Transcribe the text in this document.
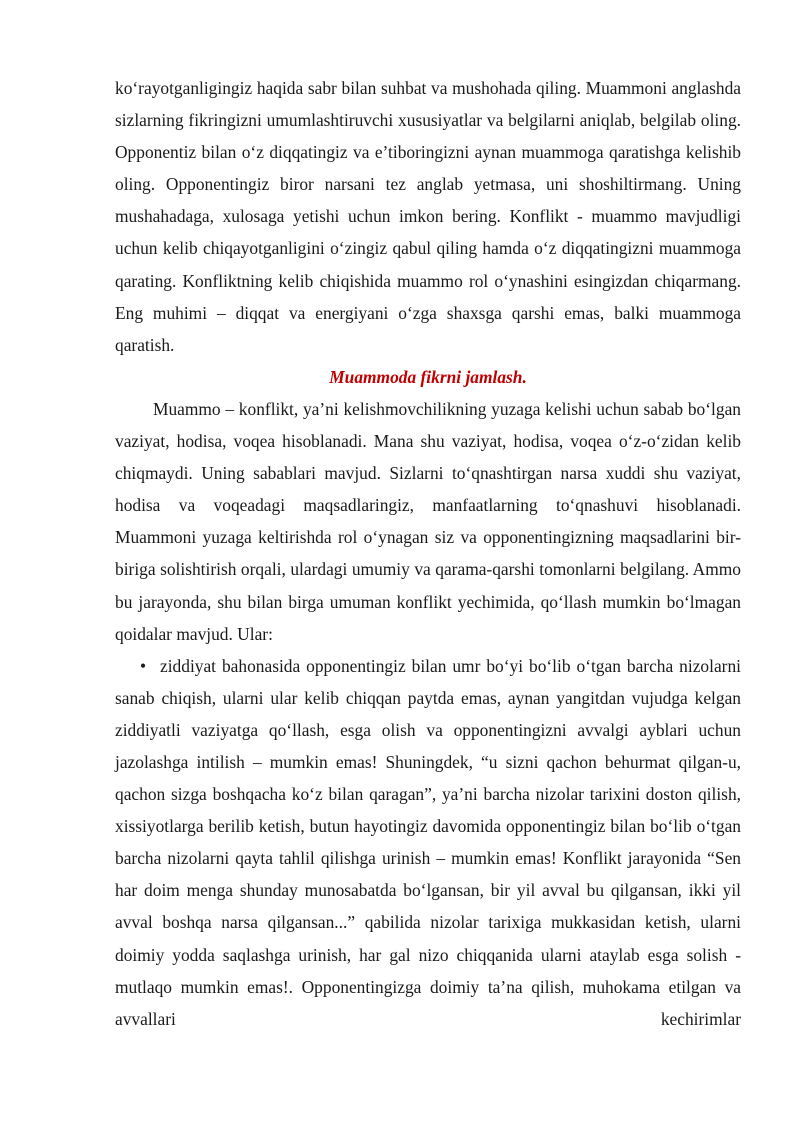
ko‘rayotganligingiz haqida sabr bilan suhbat va mushohada qiling. Muammoni anglashda sizlarning fikringizni umumlashtiruvchi xususiyatlar va belgilarni aniqlab, belgilab oling. Opponentiz bilan o‘z diqqatingiz va e’tiboringizni aynan muammoga qaratishga kelishib oling. Opponentingiz biror narsani tez anglab yetmasa, uni shoshiltirmang. Uning mushahadaga, xulosaga yetishi uchun imkon bering. Konflikt - muammo mavjudligi uchun kelib chiqayotganligini o‘zingiz qabul qiling hamda o‘z diqqatingizni muammoga qarating. Konfliktning kelib chiqishida muammo rol o‘ynashini esingizdan chiqarmang. Eng muhimi – diqqat va energiyani o‘zga shaxsga qarshi emas, balki muammoga qaratish.

Muammoda fikrni jamlash.

Muammo – konflikt, ya’ni kelishmovchilikning yuzaga kelishi uchun sabab bo‘lgan vaziyat, hodisa, voqea hisoblanadi. Mana shu vaziyat, hodisa, voqea o‘z-o‘zidan kelib chiqmaydi. Uning sabablari mavjud. Sizlarni to‘qnashtirgan narsa xuddi shu vaziyat, hodisa va voqeadagi maqsadlaringiz, manfaatlarning to‘qnashuvi hisoblanadi. Muammoni yuzaga keltirishda rol o‘ynagan siz va opponentingizning maqsadlarini bir-biriga solishtirish orqali, ulardagi umumiy va qarama-qarshi tomonlarni belgilang. Ammo bu jarayonda, shu bilan birga umuman konflikt yechimida, qo‘llash mumkin bo‘lmagan qoidalar mavjud. Ular:

• ziddiyat bahonasida opponentingiz bilan umr bo‘yi bo‘lib o‘tgan barcha nizolarni sanab chiqish, ularni ular kelib chiqqan paytda emas, aynan yangitdan vujudga kelgan ziddiyatli vaziyatga qo‘llash, esga olish va opponentingizni avvalgi ayblari uchun jazolashga intilish – mumkin emas! Shuningdek, “u sizni qachon behurmat qilgan-u, qachon sizga boshqacha ko‘z bilan qaragan”, ya’ni barcha nizolar tarixini doston qilish, xissiyotlarga berilib ketish, butun hayotingiz davomida opponentingiz bilan bo‘lib o‘tgan barcha nizolarni qayta tahlil qilishga urinish – mumkin emas! Konflikt jarayonida “Sen har doim menga shunday munosabatda bo‘lgansan, bir yil avval bu qilgansan, ikki yil avval boshqa narsa qilgansan...” qabilida nizolar tarixiga mukkasidan ketish, ularni doimiy yodda saqlashga urinish, har gal nizo chiqqanida ularni ataylab esga solish - mutlaqo mumkin emas!. Opponentingizga doimiy ta’na qilish, muhokama etilgan va avvallari kechirimlar
